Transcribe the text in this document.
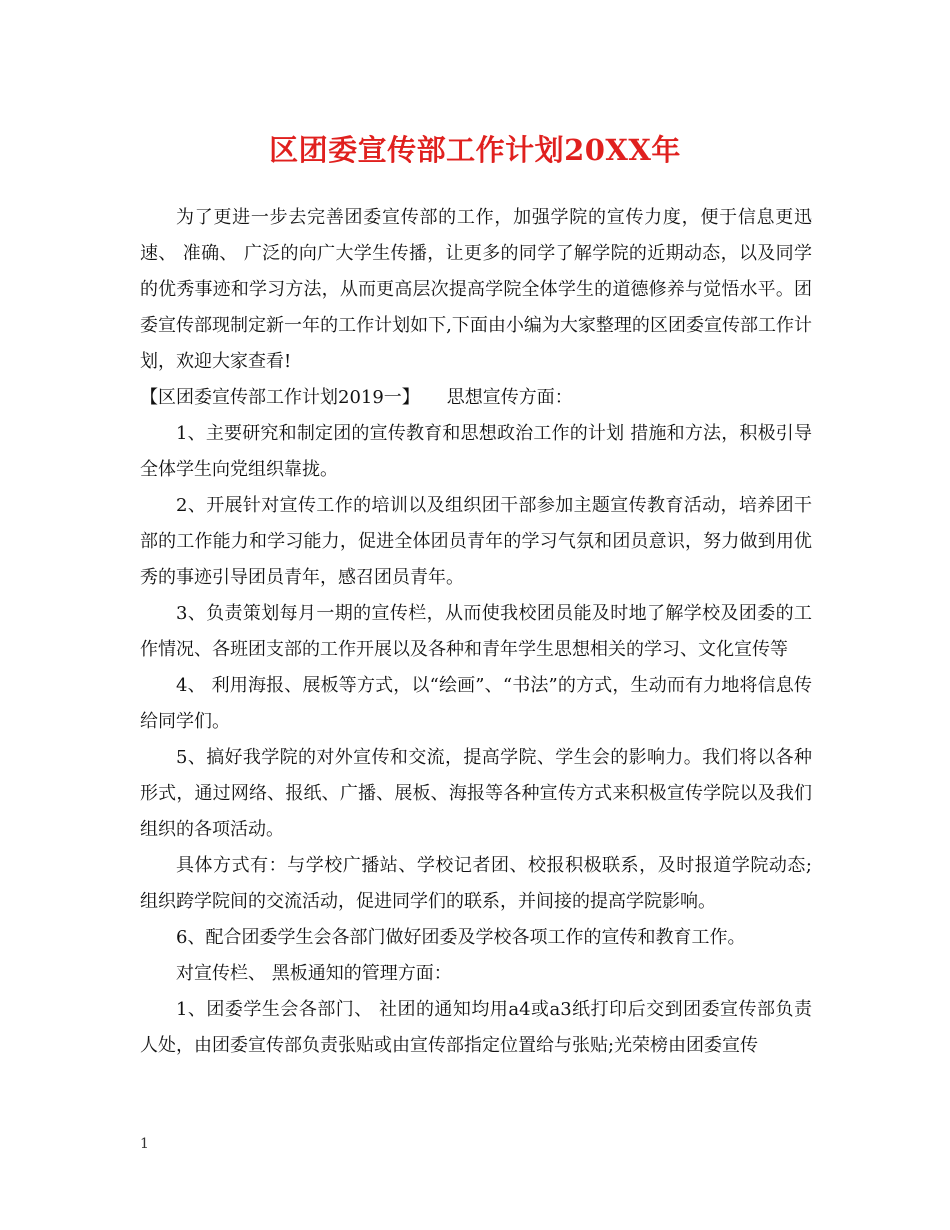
区团委宣传部工作计划20XX年

为了更进一步去完善团委宣传部的工作，加强学院的宣传力度，便于信息更迅速、 准确、 广泛的向广大学生传播，让更多的同学了解学院的近期动态，以及同学的优秀事迹和学习方法，从而更高层次提高学院全体学生的道德修养与觉悟水平。团委宣传部现制定新一年的工作计划如下,下面由小编为大家整理的区团委宣传部工作计划，欢迎大家查看!

【区团委宣传部工作计划2019一】　　思想宣传方面：

1、主要研究和制定团的宣传教育和思想政治工作的计划 措施和方法，积极引导全体学生向党组织靠拢。

2、开展针对宣传工作的培训以及组织团干部参加主题宣传教育活动，培养团干部的工作能力和学习能力，促进全体团员青年的学习气氛和团员意识，努力做到用优秀的事迹引导团员青年，感召团员青年。

3、负责策划每月一期的宣传栏，从而使我校团员能及时地了解学校及团委的工作情况、各班团支部的工作开展以及各种和青年学生思想相关的学习、文化宣传等

4、 利用海报、展板等方式，以“绘画”、“书法”的方式，生动而有力地将信息传给同学们。

5、搞好我学院的对外宣传和交流，提高学院、学生会的影响力。我们将以各种形式，通过网络、报纸、广播、展板、海报等各种宣传方式来积极宣传学院以及我们组织的各项活动。

具体方式有：与学校广播站、学校记者团、校报积极联系，及时报道学院动态;组织跨学院间的交流活动，促进同学们的联系，并间接的提高学院影响。

6、配合团委学生会各部门做好团委及学校各项工作的宣传和教育工作。

对宣传栏、 黑板通知的管理方面：

1、团委学生会各部门、 社团的通知均用a4或a3纸打印后交到团委宣传部负责人处，由团委宣传部负责张贴或由宣传部指定位置给与张贴;光荣榜由团委宣传

1
